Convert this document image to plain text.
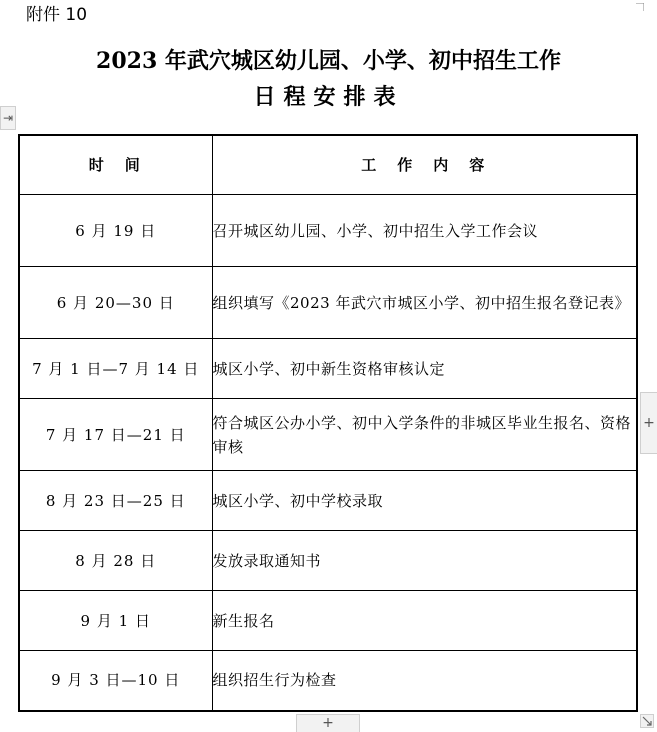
附件 10
2023 年武穴城区幼儿园、小学、初中招生工作
日程安排表
⇥
时　间	工　作　内　容
6 月 19 日	召开城区幼儿园、小学、初中招生入学工作会议
6 月 20—30 日	组织填写《2023 年武穴市城区小学、初中招生报名登记表》
7 月 1 日—7 月 14 日	城区小学、初中新生资格审核认定
7 月 17 日—21 日	符合城区公办小学、初中入学条件的非城区毕业生报名、资格审核
8 月 23 日—25 日	城区小学、初中学校录取
8 月 28 日	发放录取通知书
9 月 1 日	新生报名
9 月 3 日—10 日	组织招生行为检查
+
+
